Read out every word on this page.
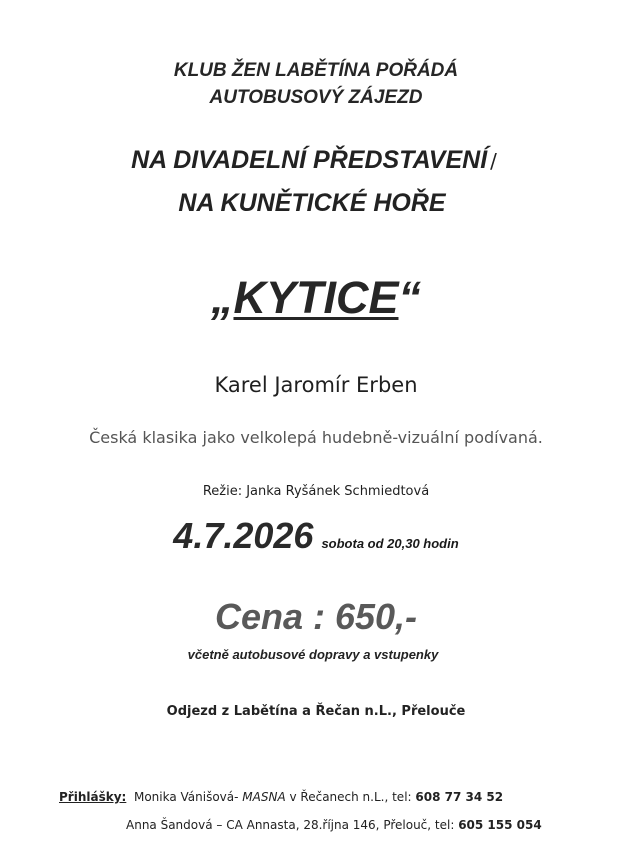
KLUB ŽEN LABĚTÍNA POŘÁDÁ
AUTOBUSOVÝ ZÁJEZD
NA DIVADELNÍ PŘEDSTAVENÍ /
NA KUNĚTICKÉ HOŘE
„KYTICE“
Karel Jaromír Erben
Česká klasika jako velkolepá hudebně-vizuální podívaná.
Režie: Janka Ryšánek Schmiedtová
4.7.2026 sobota od 20,30 hodin
Cena : 650,-
včetně autobusové dopravy a vstupenky
Odjezd z Labětína a Řečan n.L., Přelouče
Přihlášky: Monika Vánišová- MASNA v Řečanech n.L., tel: 608 77 34 52
Anna Šandová – CA Annasta, 28.října 146, Přelouč, tel: 605 155 054
